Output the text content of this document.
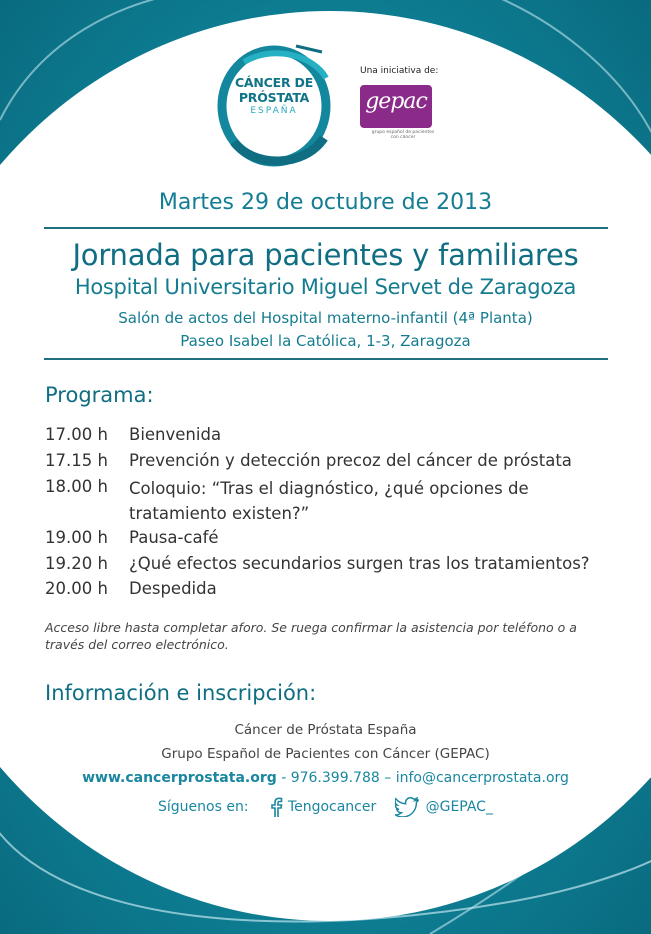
CÁNCER DE
PRÓSTATA
ESPAÑA
Una iniciativa de:
gepac
grupo español de pacientes con cáncer
Martes 29 de octubre de 2013
Jornada para pacientes y familiares
Hospital Universitario Miguel Servet de Zaragoza
Salón de actos del Hospital materno-infantil (4ª Planta)
Paseo Isabel la Católica, 1-3, Zaragoza
Programa:
17.00 h	Bienvenida
17.15 h	Prevención y detección precoz del cáncer de próstata
18.00 h	Coloquio: “Tras el diagnóstico, ¿qué opciones de tratamiento existen?”
19.00 h	Pausa-café
19.20 h	¿Qué efectos secundarios surgen tras los tratamientos?
20.00 h	Despedida
Acceso libre hasta completar aforo. Se ruega confirmar la asistencia por teléfono o a través del correo electrónico.
Información e inscripción:
Cáncer de Próstata España
Grupo Español de Pacientes con Cáncer (GEPAC)
www.cancerprostata.org - 976.399.788 – info@cancerprostata.org
Síguenos en:	Tengocancer	@GEPAC_
